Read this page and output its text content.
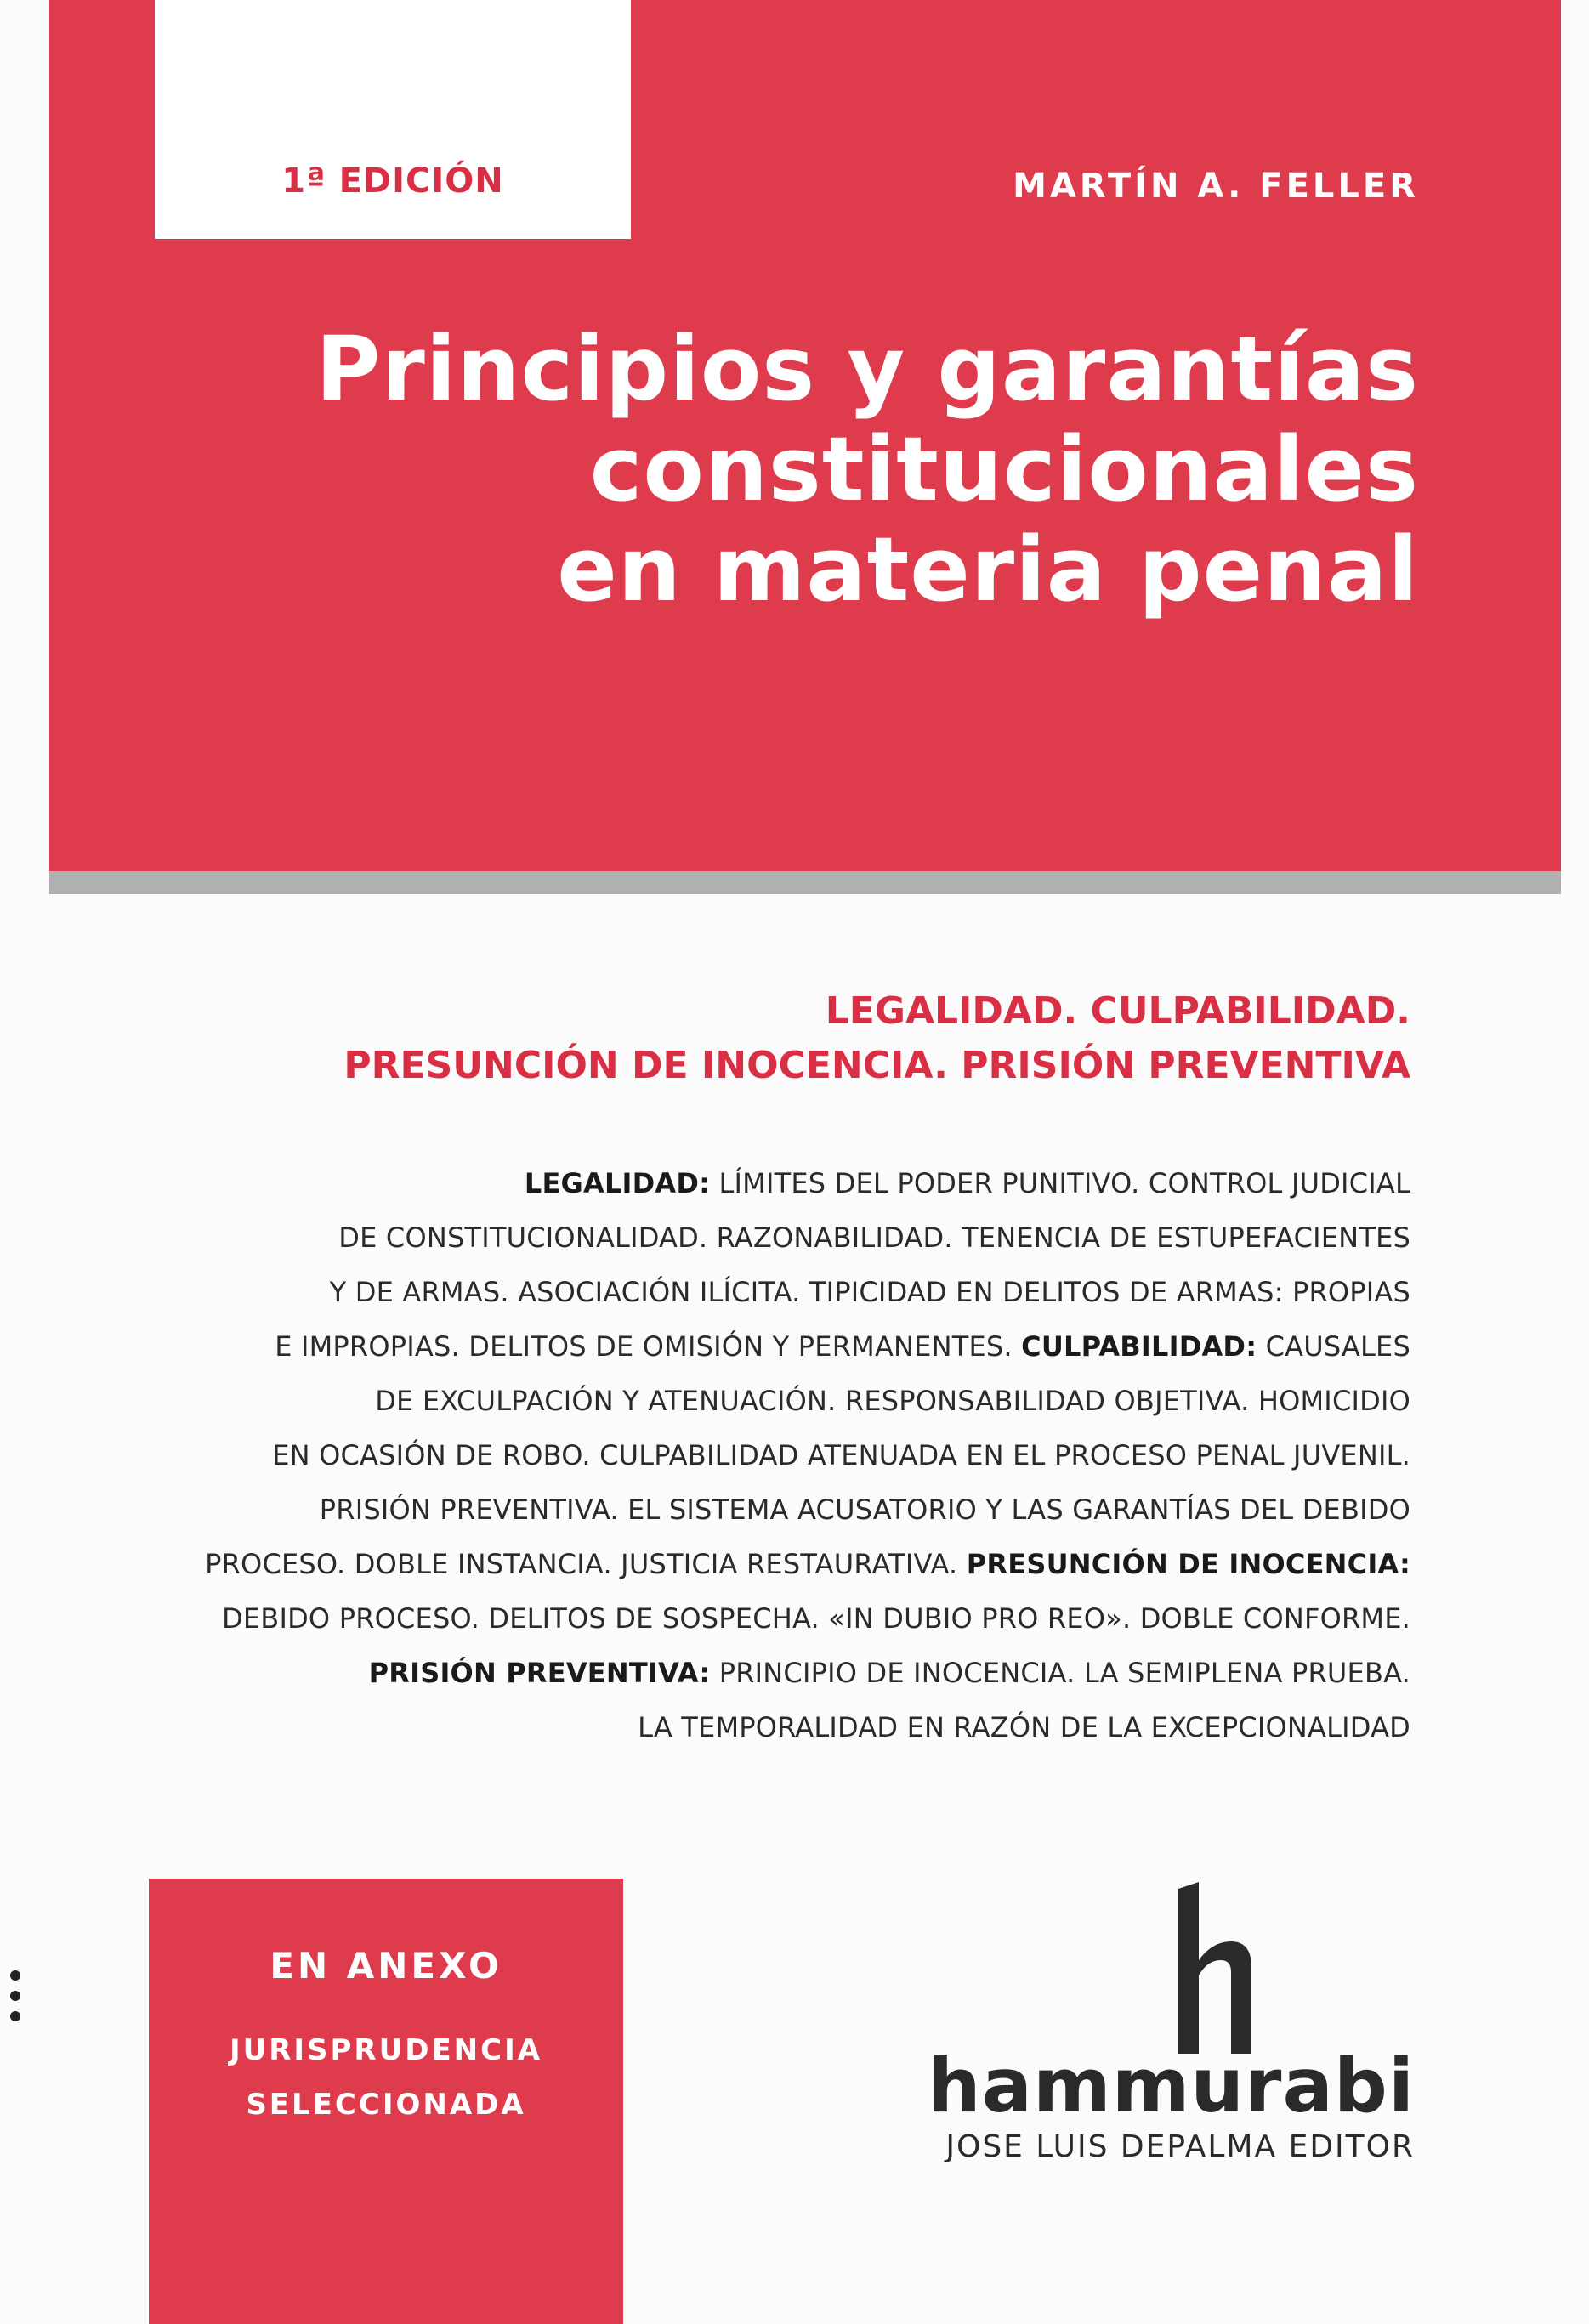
1ª EDICIÓN	MARTÍN A. FELLER
Principios y garantías
constitucionales
en materia penal
LEGALIDAD. CULPABILIDAD.
PRESUNCIÓN DE INOCENCIA. PRISIÓN PREVENTIVA
LEGALIDAD: LÍMITES DEL PODER PUNITIVO. CONTROL JUDICIAL
DE CONSTITUCIONALIDAD. RAZONABILIDAD. TENENCIA DE ESTUPEFACIENTES
Y DE ARMAS. ASOCIACIÓN ILÍCITA. TIPICIDAD EN DELITOS DE ARMAS: PROPIAS
E IMPROPIAS. DELITOS DE OMISIÓN Y PERMANENTES. CULPABILIDAD: CAUSALES
DE EXCULPACIÓN Y ATENUACIÓN. RESPONSABILIDAD OBJETIVA. HOMICIDIO
EN OCASIÓN DE ROBO. CULPABILIDAD ATENUADA EN EL PROCESO PENAL JUVENIL.
PRISIÓN PREVENTIVA. EL SISTEMA ACUSATORIO Y LAS GARANTÍAS DEL DEBIDO
PROCESO. DOBLE INSTANCIA. JUSTICIA RESTAURATIVA. PRESUNCIÓN DE INOCENCIA:
DEBIDO PROCESO. DELITOS DE SOSPECHA. «IN DUBIO PRO REO». DOBLE CONFORME.
PRISIÓN PREVENTIVA: PRINCIPIO DE INOCENCIA. LA SEMIPLENA PRUEBA.
LA TEMPORALIDAD EN RAZÓN DE LA EXCEPCIONALIDAD
EN ANEXO
JURISPRUDENCIA
SELECCIONADA	hammurabi
JOSE LUIS DEPALMA EDITOR
